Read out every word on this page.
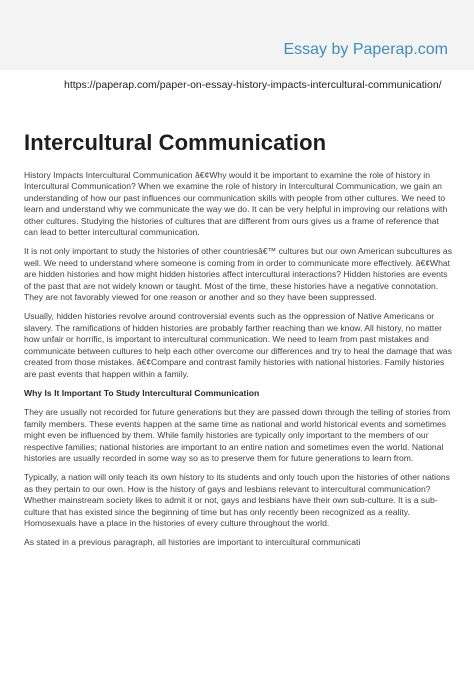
Essay by Paperap.com
https://paperap.com/paper-on-essay-history-impacts-intercultural-communication/
Intercultural Communication

History Impacts Intercultural Communication â€¢Why would it be important to examine the role of history in Intercultural Communication? When we examine the role of history in Intercultural Communication, we gain an understanding of how our past influences our communication skills with people from other cultures. We need to learn and understand why we communicate the way we do. It can be very helpful in improving our relations with other cultures. Studying the histories of cultures that are different from ours gives us a frame of reference that can lead to better intercultural communication.

It is not only important to study the histories of other countriesâ€™ cultures but our own American subcultures as well. We need to understand where someone is coming from in order to communicate more effectively. â€¢What are hidden histories and how might hidden histories affect intercultural interactions? Hidden histories are events of the past that are not widely known or taught. Most of the time, these histories have a negative connotation. They are not favorably viewed for one reason or another and so they have been suppressed.

Usually, hidden histories revolve around controversial events such as the oppression of Native Americans or slavery. The ramifications of hidden histories are probably farther reaching than we know. All history, no matter how unfair or horrific, is important to intercultural communication. We need to learn from past mistakes and communicate between cultures to help each other overcome our differences and try to heal the damage that was created from those mistakes. â€¢Compare and contrast family histories with national histories. Family histories are past events that happen within a family.

Why Is It Important To Study Intercultural Communication

They are usually not recorded for future generations but they are passed down through the telling of stories from family members. These events happen at the same time as national and world historical events and sometimes might even be influenced by them. While family histories are typically only important to the members of our respective families; national histories are important to an entire nation and sometimes even the world. National histories are usually recorded in some way so as to preserve them for future generations to learn from.

Typically, a nation will only teach its own history to its students and only touch upon the histories of other nations as they pertain to our own. How is the history of gays and lesbians relevant to intercultural communication? Whether mainstream society likes to admit it or not, gays and lesbians have their own sub-culture. It is a sub-culture that has existed since the beginning of time but has only recently been recognized as a reality. Homosexuals have a place in the histories of every culture throughout the world.

As stated in a previous paragraph, all histories are important to intercultural communicati
